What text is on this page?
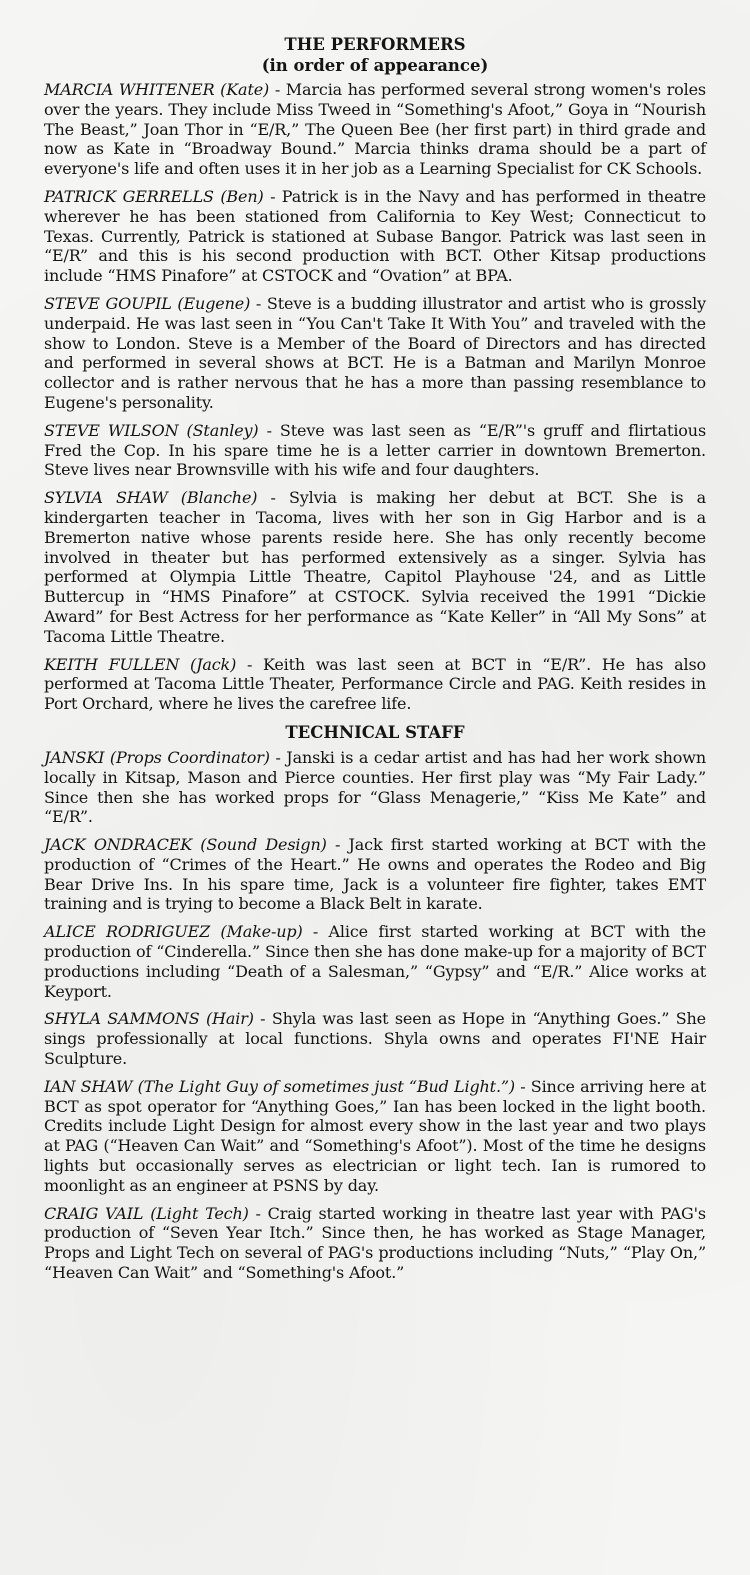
THE PERFORMERS
(in order of appearance)

MARCIA WHITENER (Kate) - Marcia has performed several strong women's roles over the years. They include Miss Tweed in “Something's Afoot,” Goya in “Nourish The Beast,” Joan Thor in “E/R,” The Queen Bee (her first part) in third grade and now as Kate in “Broadway Bound.” Marcia thinks drama should be a part of everyone's life and often uses it in her job as a Learning Specialist for CK Schools.

PATRICK GERRELLS (Ben) - Patrick is in the Navy and has performed in theatre wherever he has been stationed from California to Key West; Connecticut to Texas. Currently, Patrick is stationed at Subase Bangor. Patrick was last seen in “E/R” and this is his second production with BCT. Other Kitsap productions include “HMS Pinafore” at CSTOCK and “Ovation” at BPA.

STEVE GOUPIL (Eugene) - Steve is a budding illustrator and artist who is grossly underpaid. He was last seen in “You Can't Take It With You” and traveled with the show to London. Steve is a Member of the Board of Directors and has directed and performed in several shows at BCT. He is a Batman and Marilyn Monroe collector and is rather nervous that he has a more than passing resemblance to Eugene's personality.

STEVE WILSON (Stanley) - Steve was last seen as “E/R”'s gruff and flirtatious Fred the Cop. In his spare time he is a letter carrier in downtown Bremerton. Steve lives near Brownsville with his wife and four daughters.

SYLVIA SHAW (Blanche) - Sylvia is making her debut at BCT. She is a kindergarten teacher in Tacoma, lives with her son in Gig Harbor and is a Bremerton native whose parents reside here. She has only recently become involved in theater but has performed extensively as a singer. Sylvia has performed at Olympia Little Theatre, Capitol Playhouse '24, and as Little Buttercup in “HMS Pinafore” at CSTOCK. Sylvia received the 1991 “Dickie Award” for Best Actress for her performance as “Kate Keller” in “All My Sons” at Tacoma Little Theatre.

KEITH FULLEN (Jack) - Keith was last seen at BCT in “E/R”. He has also performed at Tacoma Little Theater, Performance Circle and PAG. Keith resides in Port Orchard, where he lives the carefree life.

TECHNICAL STAFF

JANSKI (Props Coordinator) - Janski is a cedar artist and has had her work shown locally in Kitsap, Mason and Pierce counties. Her first play was “My Fair Lady.” Since then she has worked props for “Glass Menagerie,” “Kiss Me Kate” and “E/R”.

JACK ONDRACEK (Sound Design) - Jack first started working at BCT with the production of “Crimes of the Heart.” He owns and operates the Rodeo and Big Bear Drive Ins. In his spare time, Jack is a volunteer fire fighter, takes EMT training and is trying to become a Black Belt in karate.

ALICE RODRIGUEZ (Make-up) - Alice first started working at BCT with the production of “Cinderella.” Since then she has done make-up for a majority of BCT productions including “Death of a Salesman,” “Gypsy” and “E/R.” Alice works at Keyport.

SHYLA SAMMONS (Hair) - Shyla was last seen as Hope in “Anything Goes.” She sings professionally at local functions. Shyla owns and operates FI'NE Hair Sculpture.

IAN SHAW (The Light Guy of sometimes just “Bud Light.”) - Since arriving here at BCT as spot operator for “Anything Goes,” Ian has been locked in the light booth. Credits include Light Design for almost every show in the last year and two plays at PAG (“Heaven Can Wait” and “Something's Afoot”). Most of the time he designs lights but occasionally serves as electrician or light tech. Ian is rumored to moonlight as an engineer at PSNS by day.

CRAIG VAIL (Light Tech) - Craig started working in theatre last year with PAG's production of “Seven Year Itch.” Since then, he has worked as Stage Manager, Props and Light Tech on several of PAG's productions including “Nuts,” “Play On,” “Heaven Can Wait” and “Something's Afoot.”
